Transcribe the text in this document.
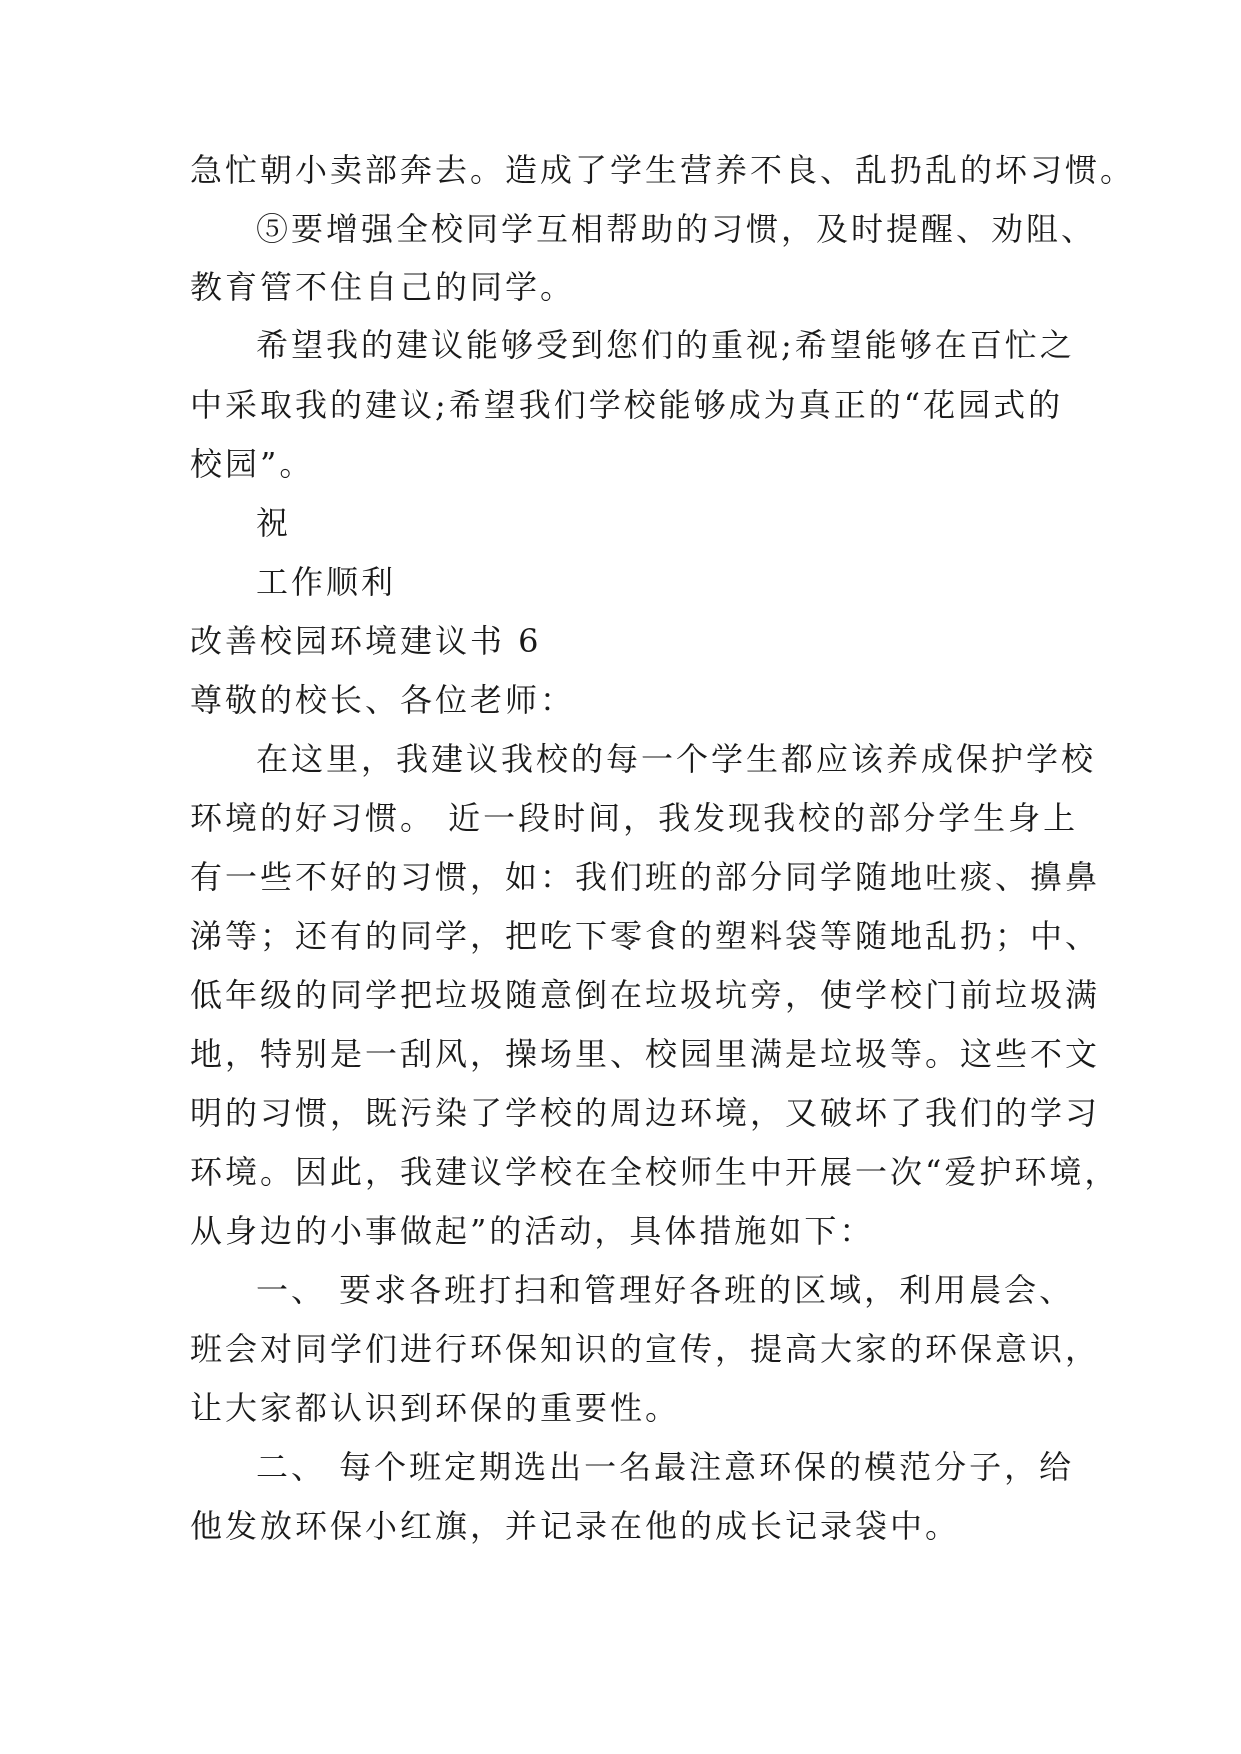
急忙朝小卖部奔去。造成了学生营养不良、乱扔乱的坏习惯。
⑤要增强全校同学互相帮助的习惯，及时提醒、劝阻、
教育管不住自己的同学。
希望我的建议能够受到您们的重视;希望能够在百忙之
中采取我的建议;希望我们学校能够成为真正的“花园式的
校园”。
祝
工作顺利
改善校园环境建议书 6
尊敬的校长、各位老师：
在这里，我建议我校的每一个学生都应该养成保护学校
环境的好习惯。 近一段时间，我发现我校的部分学生身上
有一些不好的习惯，如：我们班的部分同学随地吐痰、擤鼻
涕等；还有的同学，把吃下零食的塑料袋等随地乱扔；中、
低年级的同学把垃圾随意倒在垃圾坑旁，使学校门前垃圾满
地，特别是一刮风，操场里、校园里满是垃圾等。这些不文
明的习惯，既污染了学校的周边环境，又破坏了我们的学习
环境。因此，我建议学校在全校师生中开展一次“爱护环境，
从身边的小事做起”的活动，具体措施如下：
一、 要求各班打扫和管理好各班的区域，利用晨会、
班会对同学们进行环保知识的宣传，提高大家的环保意识，
让大家都认识到环保的重要性。
二、 每个班定期选出一名最注意环保的模范分子，给
他发放环保小红旗，并记录在他的成长记录袋中。
